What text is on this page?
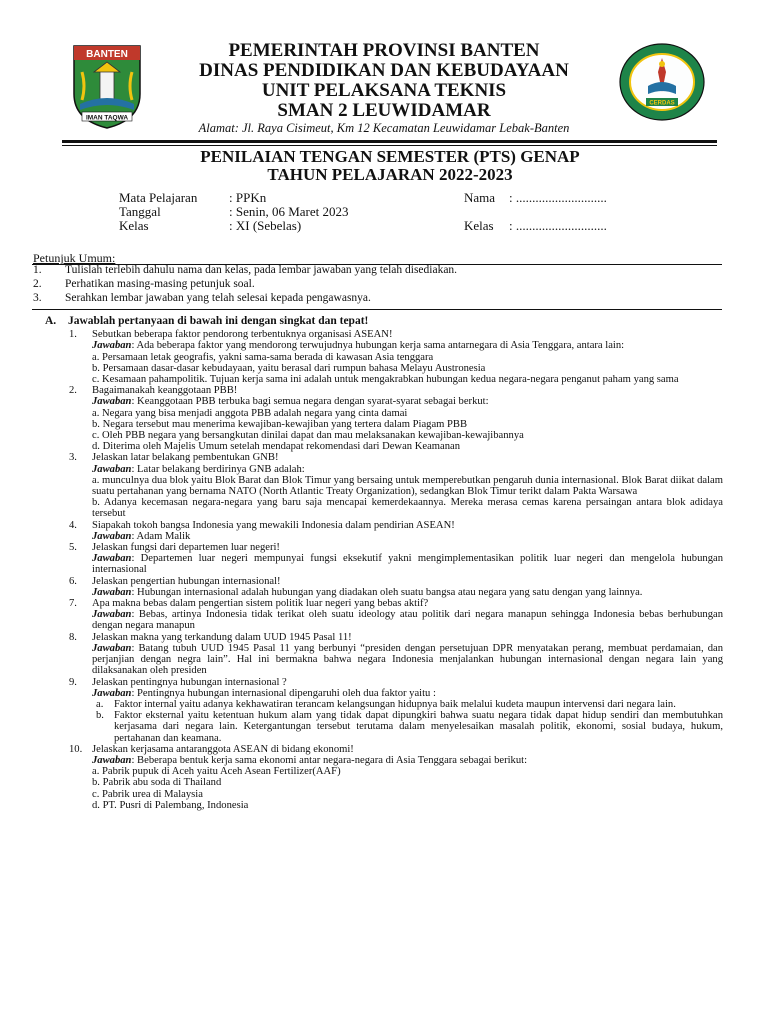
BANTEN
IMAN TAQWA
CERDAS
PEMERINTAH PROVINSI BANTEN
DINAS PENDIDIKAN DAN KEBUDAYAAN
UNIT PELAKSANA TEKNIS
SMAN 2 LEUWIDAMAR
Alamat: Jl. Raya Cisimeut, Km 12 Kecamatan Leuwidamar Lebak-Banten
PENILAIAN TENGAN SEMESTER (PTS) GENAP
TAHUN PELAJARAN 2022-2023
Mata Pelajaran : PPKn
Tanggal	: Senin, 06 Maret 2023
Kelas	: XI (Sebelas)
Nama : ............................
Kelas : ............................
Petunjuk Umum:
1. Tulislah terlebih dahulu nama dan kelas, pada lembar jawaban yang telah disediakan.
2. Perhatikan masing-masing petunjuk soal.
3. Serahkan lembar jawaban yang telah selesai kepada pengawasnya.
A. Jawablah pertanyaan di bawah ini dengan singkat dan tepat!
1. Sebutkan beberapa faktor pendorong terbentuknya organisasi ASEAN!
Jawaban: Ada beberapa faktor yang mendorong terwujudnya hubungan kerja sama antarnegara di Asia Tenggara, antara lain:
a. Persamaan letak geografis, yakni sama-sama berada di kawasan Asia tenggara
b. Persamaan dasar-dasar kebudayaan, yaitu berasal dari rumpun bahasa Melayu Austronesia
c. Kesamaan pahampolitik. Tujuan kerja sama ini adalah untuk mengakrabkan hubungan kedua negara-negara penganut paham yang sama
2. Bagaimanakah keanggotaan PBB!
Jawaban: Keanggotaan PBB terbuka bagi semua negara dengan syarat-syarat sebagai berkut:
a. Negara yang bisa menjadi anggota PBB adalah negara yang cinta damai
b. Negara tersebut mau menerima kewajiban-kewajiban yang tertera dalam Piagam PBB
c. Oleh PBB negara yang bersangkutan dinilai dapat dan mau melaksanakan kewajiban-kewajibannya
d. Diterima oleh Majelis Umum setelah mendapat rekomendasi dari Dewan Keamanan
3. Jelaskan latar belakang pembentukan GNB!
Jawaban: Latar belakang berdirinya GNB adalah:
a. munculnya dua blok yaitu Blok Barat dan Blok Timur yang bersaing untuk memperebutkan pengaruh dunia internasional. Blok Barat diikat dalam suatu pertahanan yang bernama NATO (North Atlantic Treaty Organization), sedangkan Blok Timur terikt dalam Pakta Warsawa
b. Adanya kecemasan negara-negara yang baru saja mencapai kemerdekaannya. Mereka merasa cemas karena persaingan antara blok adidaya tersebut
4. Siapakah tokoh bangsa Indonesia yang mewakili Indonesia dalam pendirian ASEAN!
Jawaban: Adam Malik
5. Jelaskan fungsi dari departemen luar negeri!
Jawaban: Departemen luar negeri mempunyai fungsi eksekutif yakni mengimplementasikan politik luar negeri dan mengelola hubungan internasional
6. Jelaskan pengertian hubungan internasional!
Jawaban: Hubungan internasional adalah hubungan yang diadakan oleh suatu bangsa atau negara yang satu dengan yang lainnya.
7. Apa makna bebas dalam pengertian sistem politik luar negeri yang bebas aktif?
Jawaban: Bebas, artinya Indonesia tidak terikat oleh suatu ideology atau politik dari negara manapun sehingga Indonesia bebas berhubungan dengan negara manapun
8. Jelaskan makna yang terkandung dalam UUD 1945 Pasal 11!
Jawaban: Batang tubuh UUD 1945 Pasal 11 yang berbunyi “presiden dengan persetujuan DPR menyatakan perang, membuat perdamaian, dan perjanjian dengan negra lain”. Hal ini bermakna bahwa negara Indonesia menjalankan hubungan internasional dengan negara lain yang dilaksanakan oleh presiden
9. Jelaskan pentingnya hubungan internasional ?
Jawaban: Pentingnya hubungan internasional dipengaruhi oleh dua faktor yaitu :
a. Faktor internal yaitu adanya kekhawatiran terancam kelangsungan hidupnya baik melalui kudeta maupun intervensi dari negara lain.
b. Faktor eksternal yaitu ketentuan hukum alam yang tidak dapat dipungkiri bahwa suatu negara tidak dapat hidup sendiri dan membutuhkan kerjasama dari negara lain. Ketergantungan tersebut terutama dalam menyelesaikan masalah politik, ekonomi, sosial budaya, hukum, pertahanan dan keamana.
10. Jelaskan kerjasama antaranggota ASEAN di bidang ekonomi!
Jawaban: Beberapa bentuk kerja sama ekonomi antar negara-negara di Asia Tenggara sebagai berikut:
a. Pabrik pupuk di Aceh yaitu Aceh Asean Fertilizer(AAF)
b. Pabrik abu soda di Thailand
c. Pabrik urea di Malaysia
d. PT. Pusri di Palembang, Indonesia
